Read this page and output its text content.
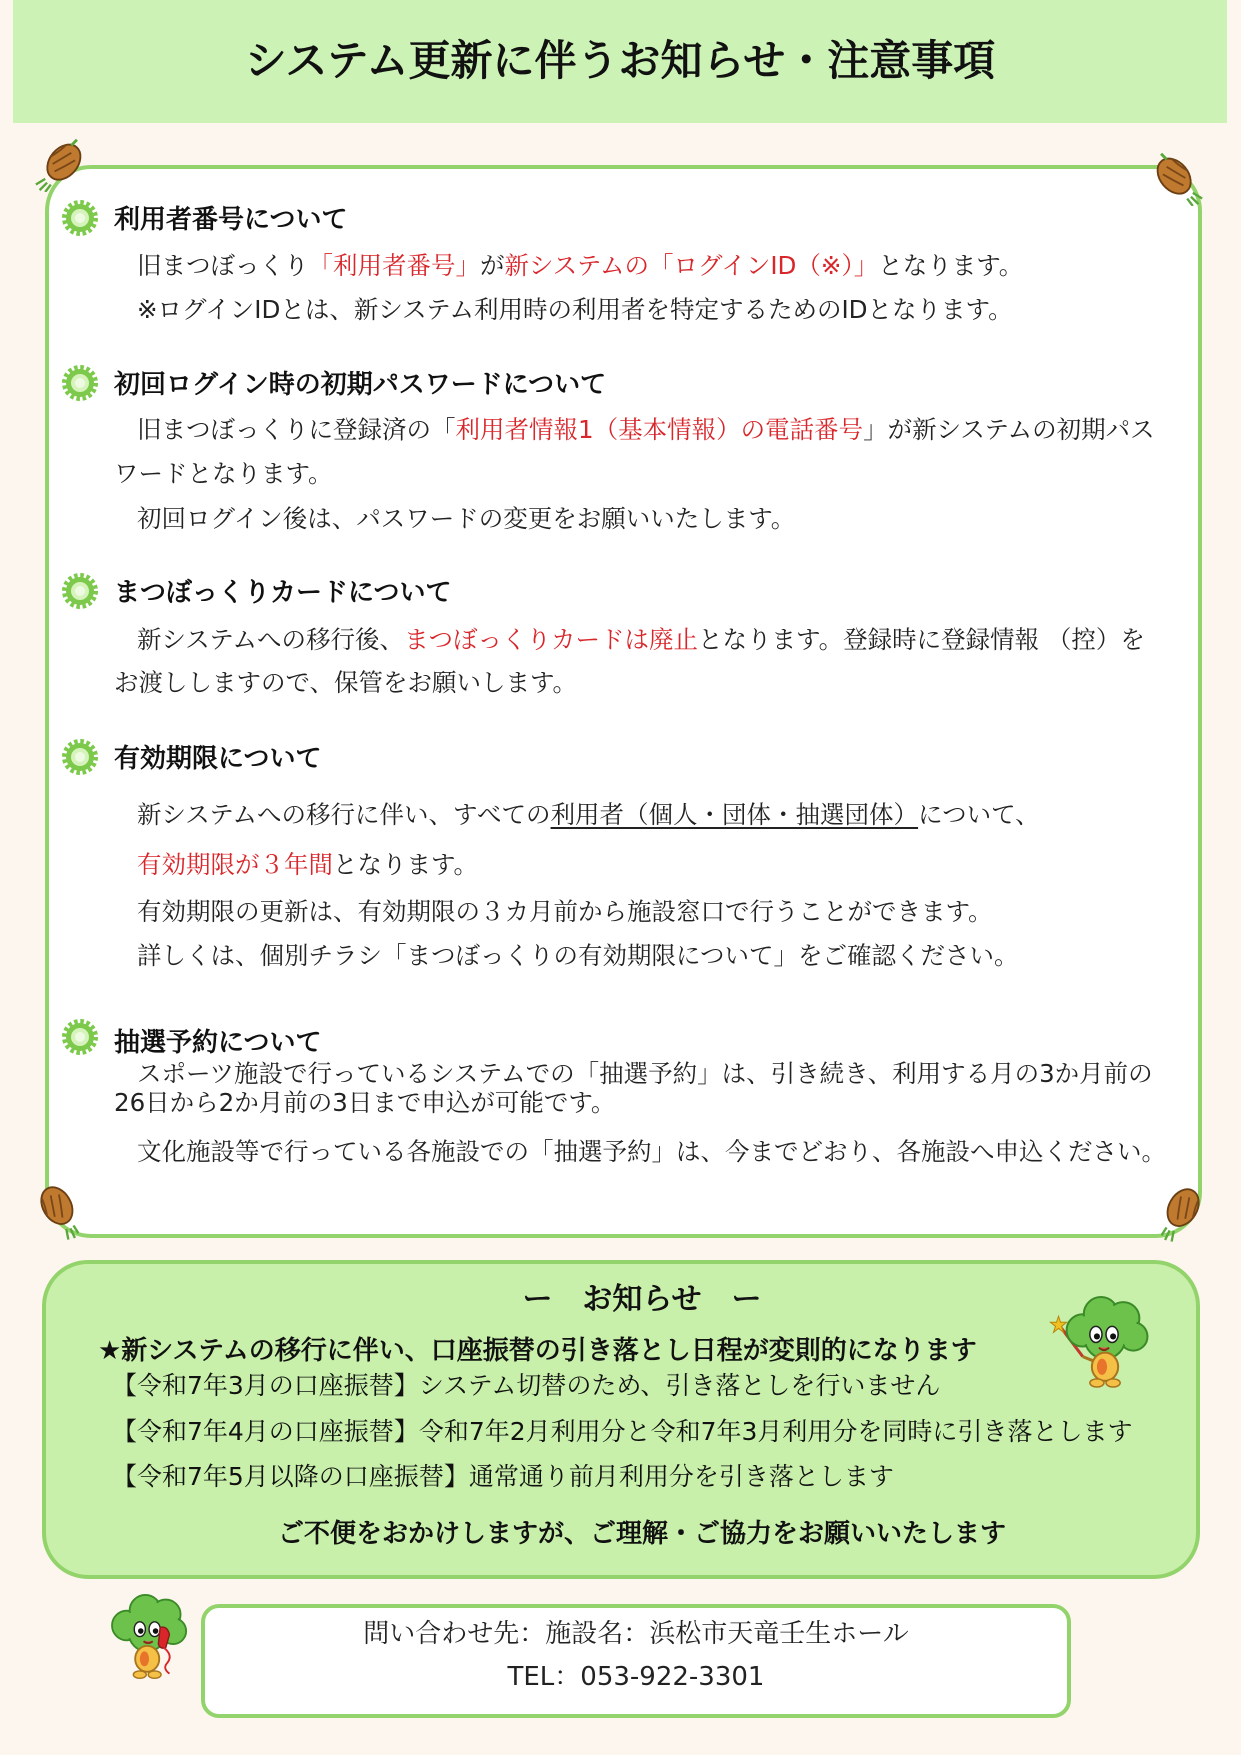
システム更新に伴うお知らせ・注意事項
利用者番号について
旧まつぼっくり「利用者番号」が新システムの「ログインID（※）」となります。
※ログインIDとは、新システム利用時の利用者を特定するためのIDとなります。
初回ログイン時の初期パスワードについて
旧まつぼっくりに登録済の「利用者情報1（基本情報）の電話番号」が新システムの初期パス
ワードとなります。
初回ログイン後は、パスワードの変更をお願いいたします。
まつぼっくりカードについて
新システムへの移行後、まつぼっくりカードは廃止となります。登録時に登録情報 （控）を
お渡ししますので、保管をお願いします。
有効期限について
新システムへの移行に伴い、すべての利用者（個人・団体・抽選団体）について、
有効期限が３年間となります。
有効期限の更新は、有効期限の３カ月前から施設窓口で行うことができます。
詳しくは、個別チラシ「まつぼっくりの有効期限について」をご確認ください。
抽選予約について
スポーツ施設で行っているシステムでの「抽選予約」は、引き続き、利用する月の3か月前の
26日から2か月前の3日まで申込が可能です。
文化施設等で行っている各施設での「抽選予約」は、今までどおり、各施設へ申込ください。
ー　お知らせ　ー
★新システムの移行に伴い、口座振替の引き落とし日程が変則的になります
【令和7年3月の口座振替】システム切替のため、引き落としを行いません
【令和7年4月の口座振替】令和7年2月利用分と令和7年3月利用分を同時に引き落とします
【令和7年5月以降の口座振替】通常通り前月利用分を引き落とします
ご不便をおかけしますが、ご理解・ご協力をお願いいたします
問い合わせ先：施設名：浜松市天竜壬生ホール
TEL：053-922-3301
